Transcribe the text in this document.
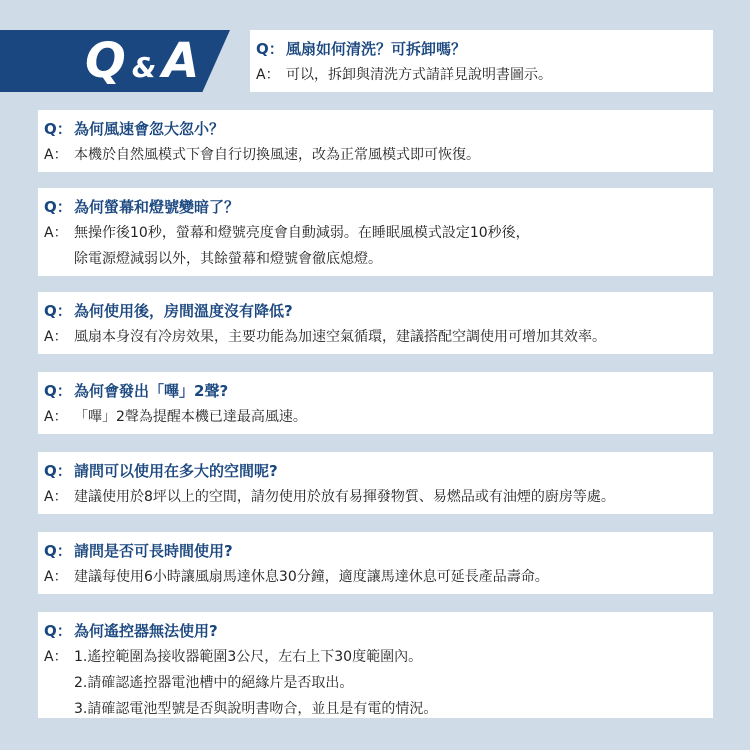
Q & A	Q： 風扇如何清洗？可拆卸嗎？
A： 可以，拆卸與清洗方式請詳見說明書圖示。
Q： 為何風速會忽大忽小？
A： 本機於自然風模式下會自行切換風速，改為正常風模式即可恢復。
Q： 為何螢幕和燈號變暗了？
A： 無操作後10秒，螢幕和燈號亮度會自動減弱。在睡眠風模式設定10秒後，
除電源燈減弱以外，其餘螢幕和燈號會徹底熄燈。
Q： 為何使用後，房間溫度沒有降低?
A： 風扇本身沒有冷房效果，主要功能為加速空氣循環，建議搭配空調使用可增加其效率。
Q： 為何會發出「嗶」2聲?
A： 「嗶」2聲為提醒本機已達最高風速。
Q： 請問可以使用在多大的空間呢?
A： 建議使用於8坪以上的空間，請勿使用於放有易揮發物質、易燃品或有油煙的廚房等處。
Q： 請問是否可長時間使用?
A： 建議每使用6小時讓風扇馬達休息30分鐘，適度讓馬達休息可延長產品壽命。
Q： 為何遙控器無法使用?
A： 1.遙控範圍為接收器範圍3公尺，左右上下30度範圍內。
2.請確認遙控器電池槽中的絕緣片是否取出。
3.請確認電池型號是否與說明書吻合，並且是有電的情況。
